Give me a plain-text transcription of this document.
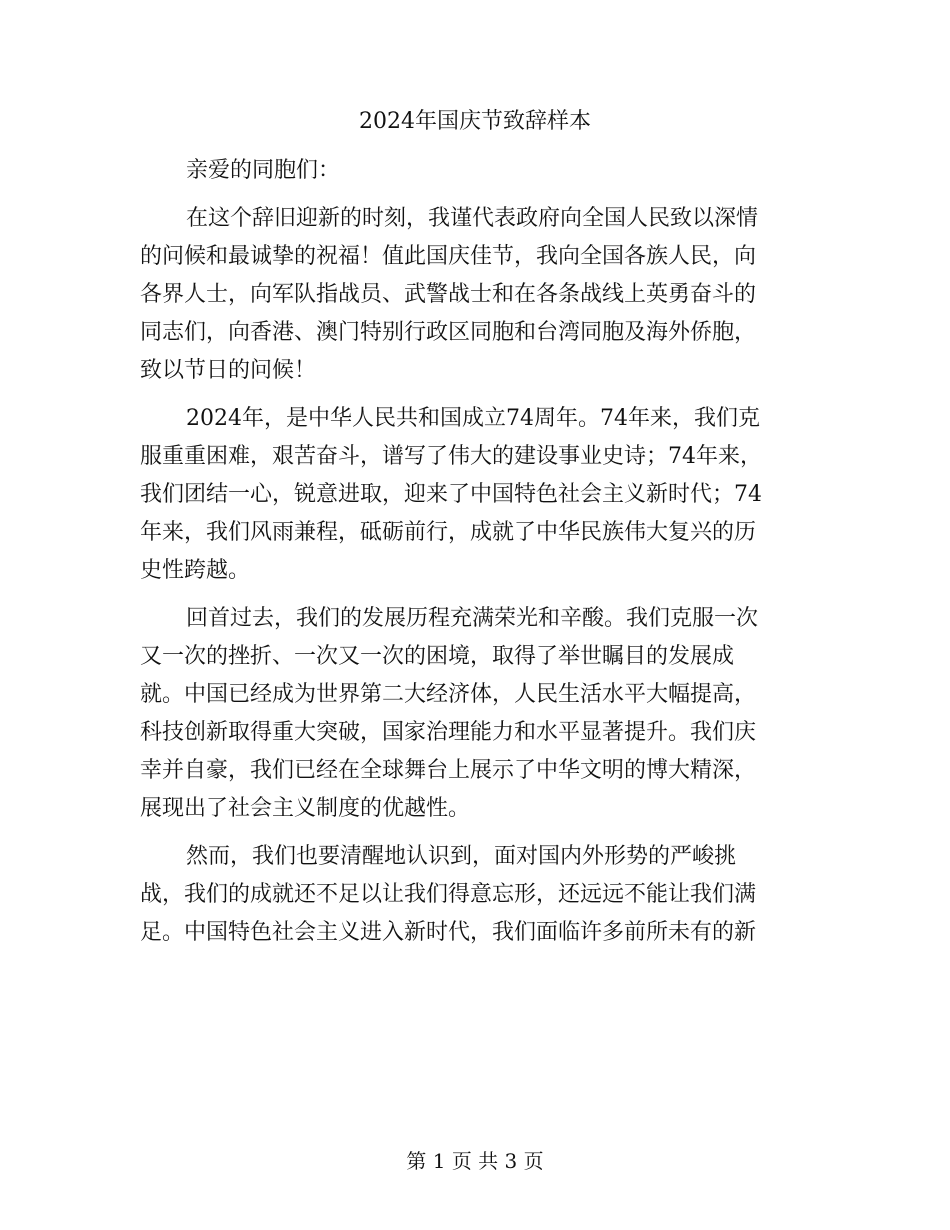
2024年国庆节致辞样本

亲爱的同胞们：

在这个辞旧迎新的时刻，我谨代表政府向全国人民致以深情
的问候和最诚挚的祝福！值此国庆佳节，我向全国各族人民，向
各界人士，向军队指战员、武警战士和在各条战线上英勇奋斗的
同志们，向香港、澳门特别行政区同胞和台湾同胞及海外侨胞，
致以节日的问候！

2024年，是中华人民共和国成立74周年。74年来，我们克
服重重困难，艰苦奋斗，谱写了伟大的建设事业史诗；74年来，
我们团结一心，锐意进取，迎来了中国特色社会主义新时代；74
年来，我们风雨兼程，砥砺前行，成就了中华民族伟大复兴的历
史性跨越。

回首过去，我们的发展历程充满荣光和辛酸。我们克服一次
又一次的挫折、一次又一次的困境，取得了举世瞩目的发展成
就。中国已经成为世界第二大经济体，人民生活水平大幅提高，
科技创新取得重大突破，国家治理能力和水平显著提升。我们庆
幸并自豪，我们已经在全球舞台上展示了中华文明的博大精深，
展现出了社会主义制度的优越性。

然而，我们也要清醒地认识到，面对国内外形势的严峻挑
战，我们的成就还不足以让我们得意忘形，还远远不能让我们满
足。中国特色社会主义进入新时代，我们面临许多前所未有的新

第 1 页 共 3 页
